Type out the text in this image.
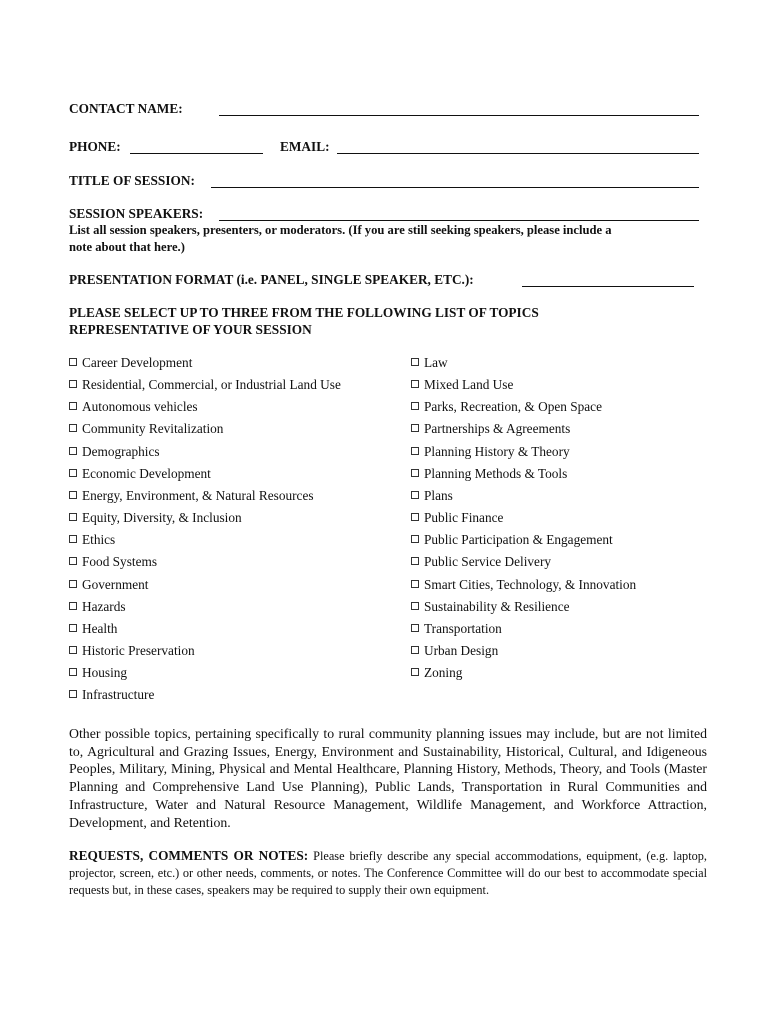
CONTACT NAME:
PHONE:	EMAIL:
TITLE OF SESSION:
SESSION SPEAKERS:
List all session speakers, presenters, or moderators. (If you are still seeking speakers, please include a
note about that here.)
PRESENTATION FORMAT (i.e. PANEL, SINGLE SPEAKER, ETC.):
PLEASE SELECT UP TO THREE FROM THE FOLLOWING LIST OF TOPICS
REPRESENTATIVE OF YOUR SESSION
Career Development
Residential, Commercial, or Industrial Land Use
Autonomous vehicles
Community Revitalization
Demographics
Economic Development
Energy, Environment, & Natural Resources
Equity, Diversity, & Inclusion
Ethics
Food Systems
Government
Hazards
Health
Historic Preservation
Housing
Infrastructure
Law
Mixed Land Use
Parks, Recreation, & Open Space
Partnerships & Agreements
Planning History & Theory
Planning Methods & Tools
Plans
Public Finance
Public Participation & Engagement
Public Service Delivery
Smart Cities, Technology, & Innovation
Sustainability & Resilience
Transportation
Urban Design
Zoning
Other possible topics, pertaining specifically to rural community planning issues may include, but are not limited to, Agricultural and Grazing Issues, Energy, Environment and Sustainability, Historical, Cultural, and Idigeneous Peoples, Military, Mining, Physical and Mental Healthcare, Planning History, Methods, Theory, and Tools (Master Planning and Comprehensive Land Use Planning), Public Lands, Transportation in Rural Communities and Infrastructure, Water and Natural Resource Management, Wildlife Management, and Workforce Attraction, Development, and Retention.
REQUESTS, COMMENTS OR NOTES: Please briefly describe any special accommodations, equipment, (e.g. laptop, projector, screen, etc.) or other needs, comments, or notes. The Conference Committee will do our best to accommodate special requests but, in these cases, speakers may be required to supply their own equipment.
